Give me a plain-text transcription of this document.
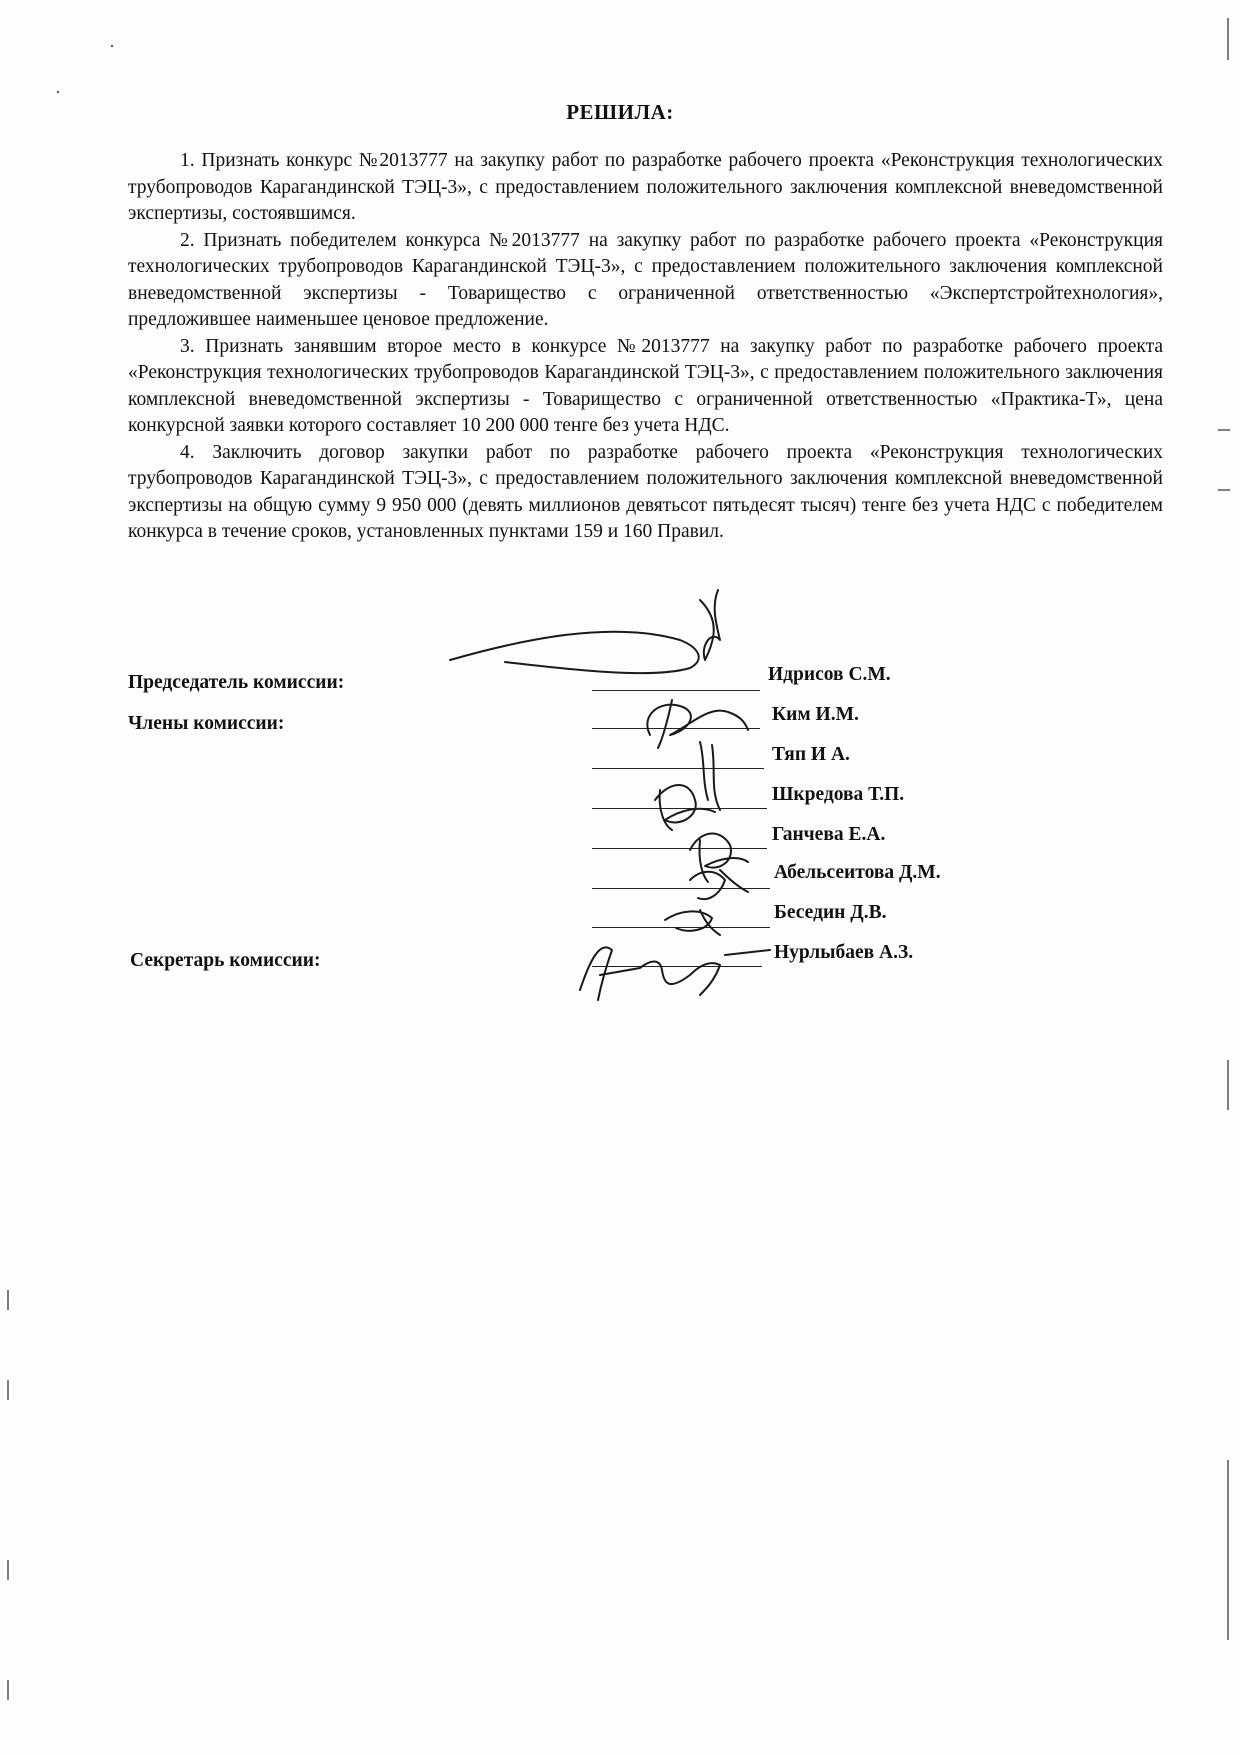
РЕШИЛА:

1. Признать конкурс №2013777 на закупку работ по разработке рабочего проекта «Реконструкция технологических трубопроводов Карагандинской ТЭЦ-3», с предоставлением положительного заключения комплексной вневедомственной экспертизы, состоявшимся.

2. Признать победителем конкурса №2013777 на закупку работ по разработке рабочего проекта «Реконструкция технологических трубопроводов Карагандинской ТЭЦ-3», с предоставлением положительного заключения комплексной вневедомственной экспертизы - Товарищество с ограниченной ответственностью «Экспертстройтехнология», предложившее наименьшее ценовое предложение.

3. Признать занявшим второе место в конкурсе №2013777 на закупку работ по разработке рабочего проекта «Реконструкция технологических трубопроводов Карагандинской ТЭЦ-3», с предоставлением положительного заключения комплексной вневедомственной экспертизы - Товарищество с ограниченной ответственностью «Практика-Т», цена конкурсной заявки которого составляет 10 200 000 тенге без учета НДС.

4. Заключить договор закупки работ по разработке рабочего проекта «Реконструкция технологических трубопроводов Карагандинской ТЭЦ-3», с предоставлением положительного заключения комплексной вневедомственной экспертизы на общую сумму 9 950 000 (девять миллионов девятьсот пятьдесят тысяч) тенге без учета НДС с победителем конкурса в течение сроков, установленных пунктами 159 и 160 Правил.

Председатель комиссии:
Члены комиссии:
Секретарь комиссии:
Идрисов С.М.
Ким И.М.
Тяп И А.
Шкредова Т.П.
Ганчева Е.А.
Абельсеитова Д.М.
Беседин Д.В.
Нурлыбаев А.З.
